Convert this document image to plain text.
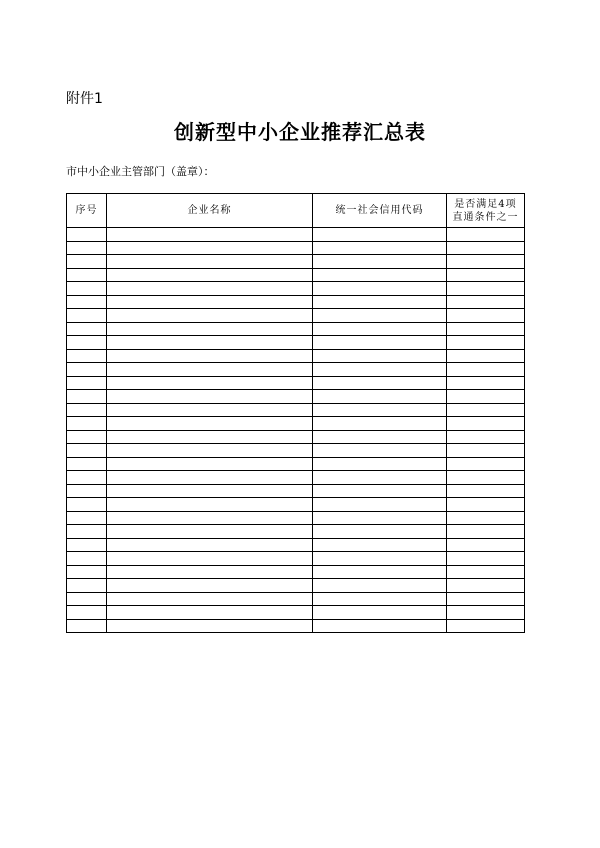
附件1
创新型中小企业推荐汇总表
市中小企业主管部门（盖章）：
序号	企业名称	统一社会信用代码	是否满足4项
直通条件之一
